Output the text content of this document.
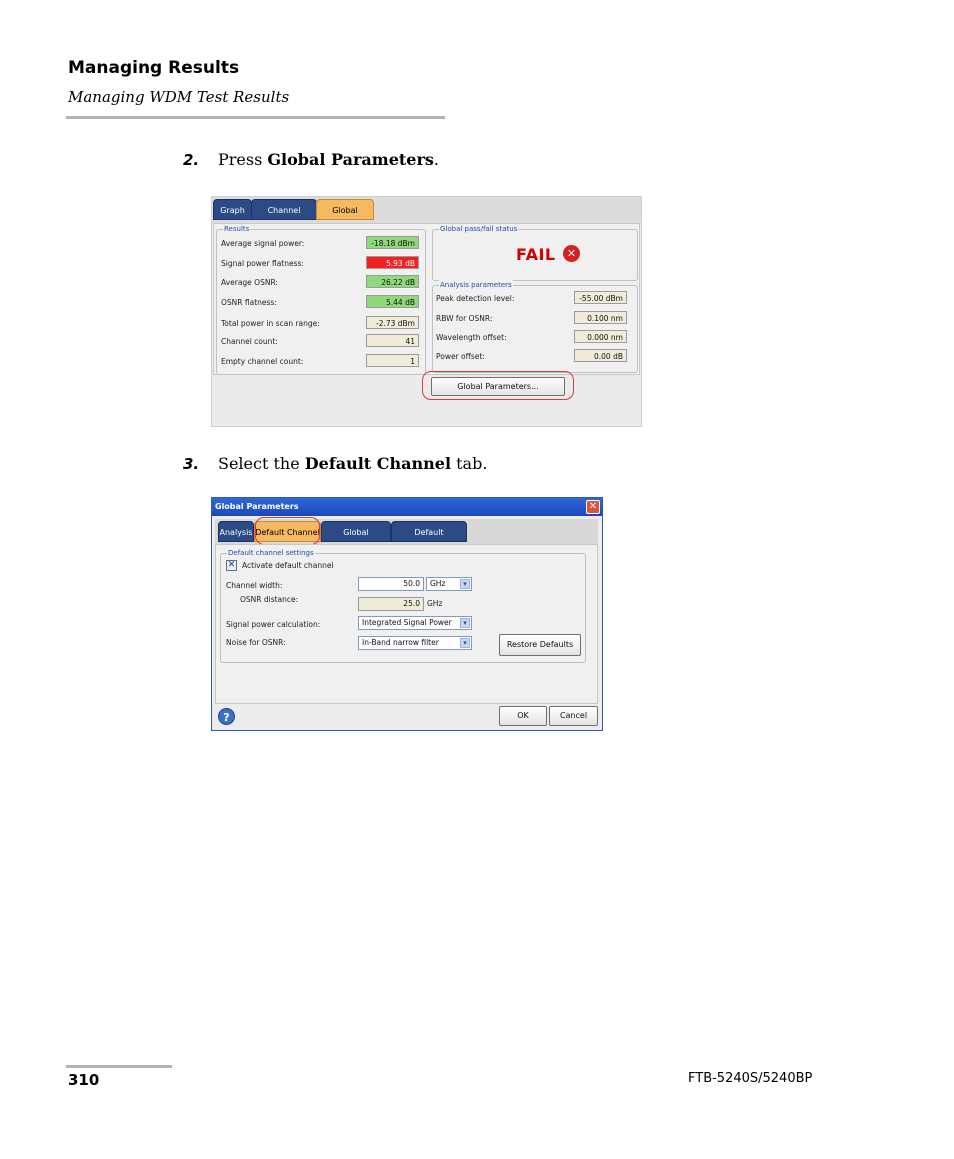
Managing Results
Managing WDM Test Results
2. Press Global Parameters.
Graph	Channel	Global
Results
Average signal power:	-18.18 dBm
Signal power flatness:	5.93 dB
Average OSNR:	26.22 dB
OSNR flatness:	5.44 dB
Total power in scan range:	-2.73 dBm
Channel count:	41
Empty channel count:	1
Global pass/fail status
FAIL	✕
Analysis parameters
Peak detection level:	-55.00 dBm
RBW for OSNR:	0.100 nm
Wavelength offset:	0.000 nm
Power offset:	0.00 dB
Global Parameters...
3. Select the Default Channel tab.
Global Parameters	✕
Analysis Default Channel	Global	Default
Default channel settings
✕ Activate default channel
Channel width:	50.0	GHz	▾
OSNR distance:	25.0 GHz
Signal power calculation:	Integrated Signal Power	▾
Noise for OSNR:	In-Band narrow filter	▾	Restore Defaults
?	OK	Cancel
310	FTB-5240S/5240BP
